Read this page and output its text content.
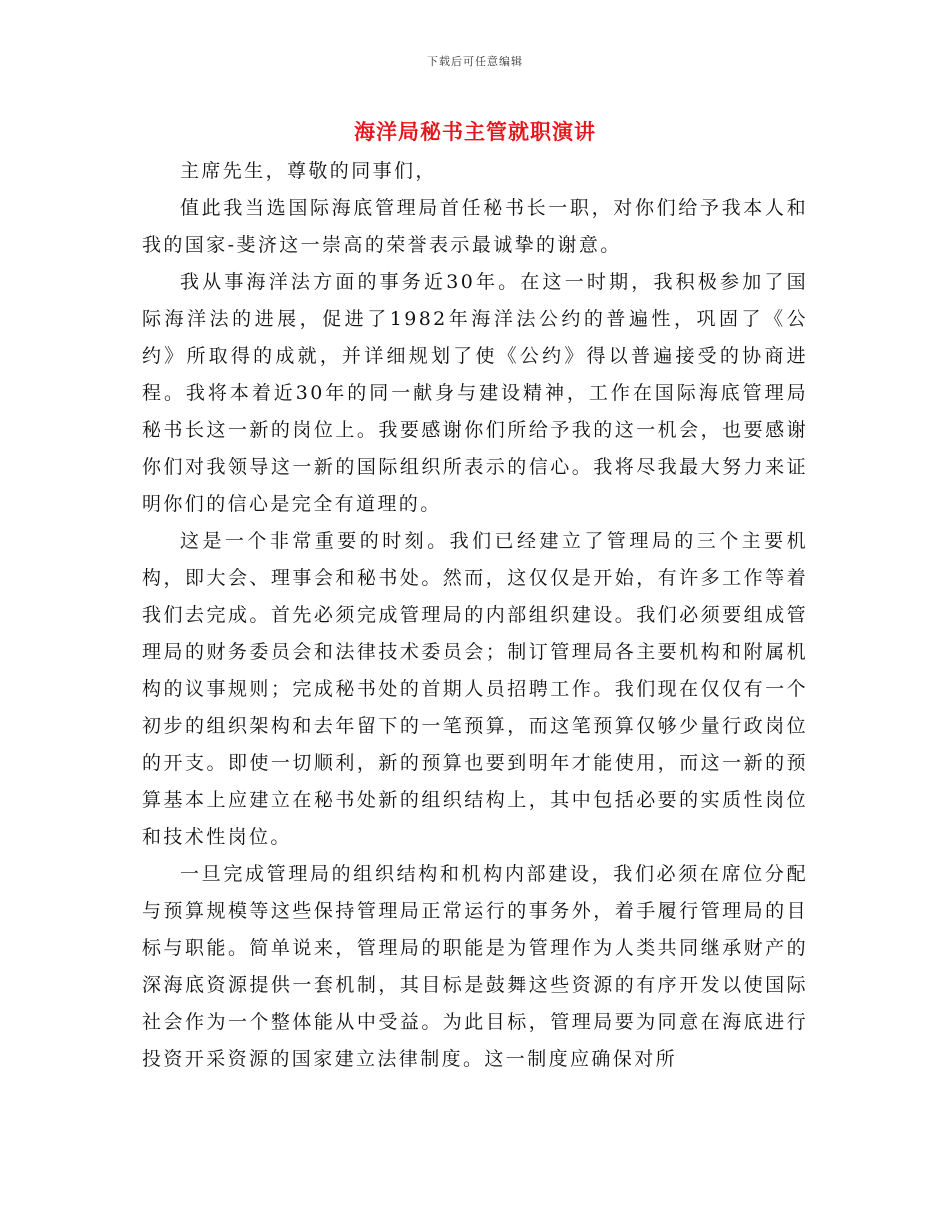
下载后可任意编辑
海洋局秘书主管就职演讲

主席先生，尊敬的同事们，

值此我当选国际海底管理局首任秘书长一职，对你们给予我本人和我的国家-斐济这一崇高的荣誉表示最诚挚的谢意。

我从事海洋法方面的事务近30年。在这一时期，我积极参加了国际海洋法的进展，促进了1982年海洋法公约的普遍性，巩固了《公约》所取得的成就，并详细规划了使《公约》得以普遍接受的协商进程。我将本着近30年的同一献身与建设精神，工作在国际海底管理局秘书长这一新的岗位上。我要感谢你们所给予我的这一机会，也要感谢你们对我领导这一新的国际组织所表示的信心。我将尽我最大努力来证明你们的信心是完全有道理的。

这是一个非常重要的时刻。我们已经建立了管理局的三个主要机构，即大会、理事会和秘书处。然而，这仅仅是开始，有许多工作等着我们去完成。首先必须完成管理局的内部组织建设。我们必须要组成管理局的财务委员会和法律技术委员会；制订管理局各主要机构和附属机构的议事规则；完成秘书处的首期人员招聘工作。我们现在仅仅有一个初步的组织架构和去年留下的一笔预算，而这笔预算仅够少量行政岗位的开支。即使一切顺利，新的预算也要到明年才能使用，而这一新的预算基本上应建立在秘书处新的组织结构上，其中包括必要的实质性岗位和技术性岗位。

一旦完成管理局的组织结构和机构内部建设，我们必须在席位分配与预算规模等这些保持管理局正常运行的事务外，着手履行管理局的目标与职能。简单说来，管理局的职能是为管理作为人类共同继承财产的深海底资源提供一套机制，其目标是鼓舞这些资源的有序开发以使国际社会作为一个整体能从中受益。为此目标，管理局要为同意在海底进行投资开采资源的国家建立法律制度。这一制度应确保对所
